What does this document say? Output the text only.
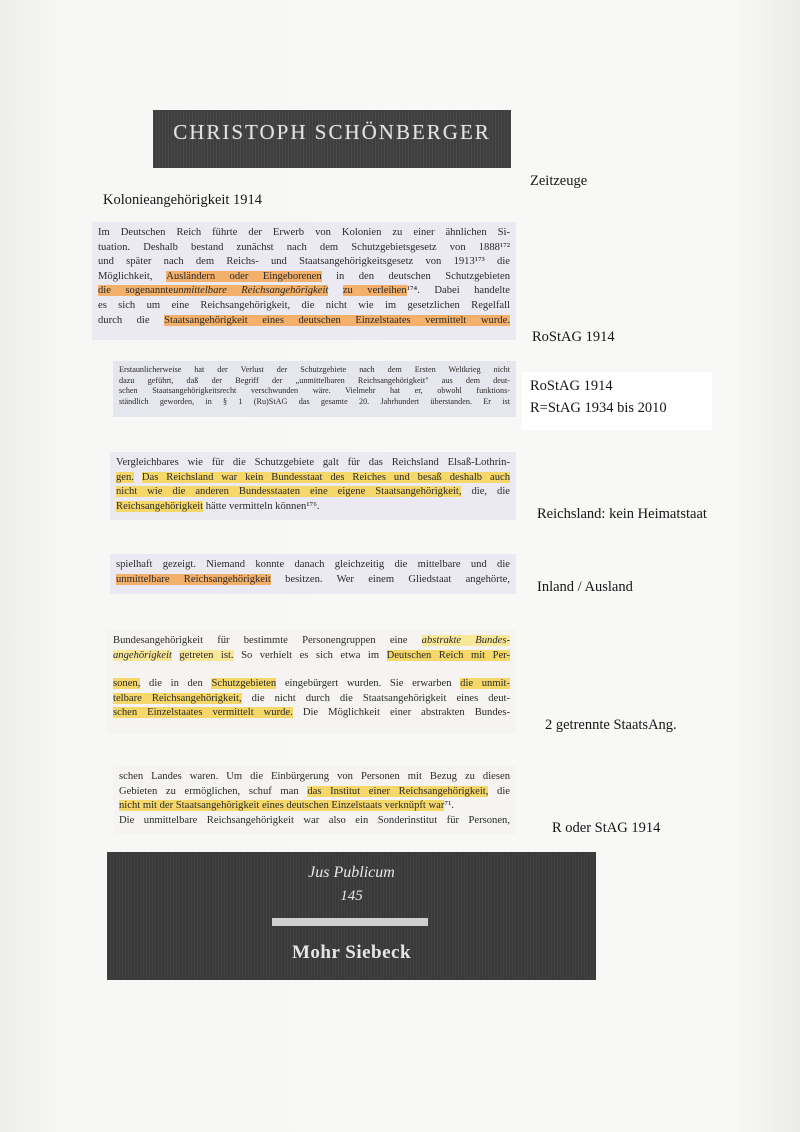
CHRISTOPH SCHÖNBERGER
Zeitzeuge
Kolonieangehörigkeit 1914
Im Deutschen Reich führte der Erwerb von Kolonien zu einer ähnlichen Si-
tuation. Deshalb bestand zunächst nach dem Schutzgebietsgesetz von 1888¹⁷²
und später nach dem Reichs- und Staatsangehörigkeitsgesetz von 1913¹⁷³ die
Möglichkeit, Ausländern oder Eingeborenen in den deutschen Schutzgebieten
die sogenannteunmittelbare Reichsangehörigkeit zu verleihen¹⁷⁴. Dabei handelte
es sich um eine Reichsangehörigkeit, die nicht wie im gesetzlichen Regelfall
durch die Staatsangehörigkeit eines deutschen Einzelstaates vermittelt wurde.
RoStAG 1914
Erstaunlicherweise hat der Verlust der Schutzgebiete nach dem Ersten Weltkrieg nicht
dazu geführt, daß der Begriff der „unmittelbaren Reichsangehörigkeit" aus dem deut-
schen Staatsangehörigkeitsrecht verschwunden wäre. Vielmehr hat er, obwohl funktions-
ständlich geworden, in § 1 (Ru)StAG das gesamte 20. Jahrhundert überstanden. Er ist
RoStAG 1914
R=StAG 1934 bis 2010
Vergleichbares wie für die Schutzgebiete galt für das Reichsland Elsaß-Lothrin-
gen. Das Reichsland war kein Bundesstaat des Reiches und besaß deshalb auch
nicht wie die anderen Bundesstaaten eine eigene Staatsangehörigkeit, die, die
Reichsangehörigkeit hätte vermitteln können¹⁷⁶.	Reichsland: kein Heimatstaat
spielhaft gezeigt. Niemand konnte danach gleichzeitig die mittelbare und die
unmittelbare Reichsangehörigkeit besitzen. Wer einem Gliedstaat angehörte, Inland / Ausland
Bundesangehörigkeit für bestimmte Personengruppen eine abstrakte Bundes-
angehörigkeit getreten ist. So verhielt es sich etwa im Deutschen Reich mit Per-
sonen, die in den Schutzgebieten eingebürgert wurden. Sie erwarben die unmit-
telbare Reichsangehörigkeit, die nicht durch die Staatsangehörigkeit eines deut-
schen Einzelstaates vermittelt wurde. Die Möglichkeit einer abstrakten Bundes-
2 getrennte StaatsAng.
schen Landes waren. Um die Einbürgerung von Personen mit Bezug zu diesen
Gebieten zu ermöglichen, schuf man das Institut einer Reichsangehörigkeit, die
nicht mit der Staatsangehörigkeit eines deutschen Einzelstaats verknüpft war⁷¹.
Die unmittelbare Reichsangehörigkeit war also ein Sonderinstitut für Personen,	R oder StAG 1914
Jus Publicum
145
Mohr Siebeck
